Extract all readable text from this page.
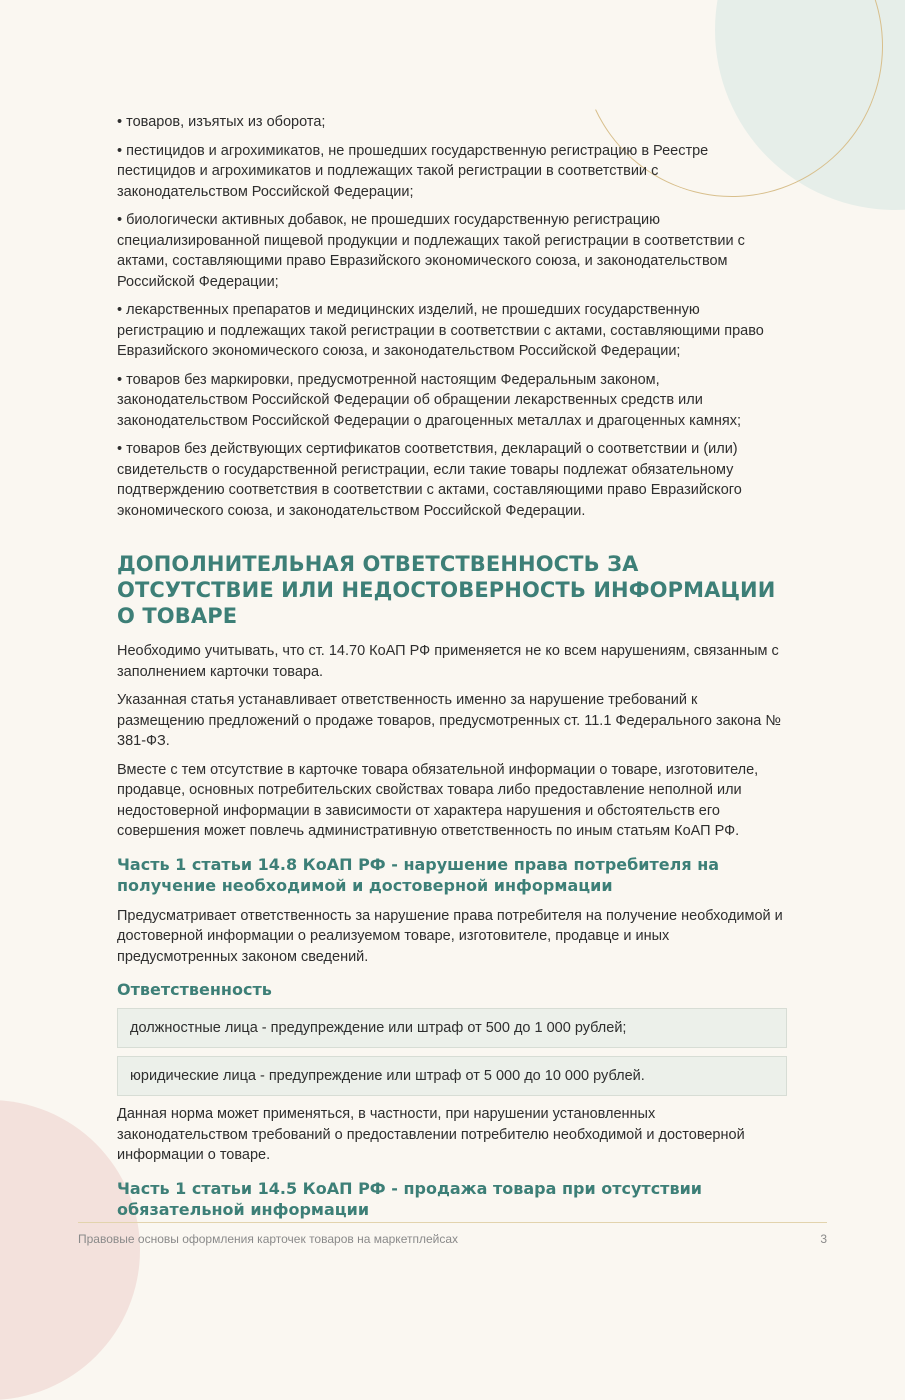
• товаров, изъятых из оборота;
• пестицидов и агрохимикатов, не прошедших государственную регистрацию в Реестре пестицидов и агрохимикатов и подлежащих такой регистрации в соответствии с законодательством Российской Федерации;
• биологически активных добавок, не прошедших государственную регистрацию специализированной пищевой продукции и подлежащих такой регистрации в соответствии с актами, составляющими право Евразийского экономического союза, и законодательством Российской Федерации;
• лекарственных препаратов и медицинских изделий, не прошедших государственную регистрацию и подлежащих такой регистрации в соответствии с актами, составляющими право Евразийского экономического союза, и законодательством Российской Федерации;
• товаров без маркировки, предусмотренной настоящим Федеральным законом, законодательством Российской Федерации об обращении лекарственных средств или законодательством Российской Федерации о драгоценных металлах и драгоценных камнях;
• товаров без действующих сертификатов соответствия, деклараций о соответствии и (или) свидетельств о государственной регистрации, если такие товары подлежат обязательному подтверждению соответствия в соответствии с актами, составляющими право Евразийского экономического союза, и законодательством Российской Федерации.
ДОПОЛНИТЕЛЬНАЯ ОТВЕТСТВЕННОСТЬ ЗА ОТСУТСТВИЕ ИЛИ НЕДОСТОВЕРНОСТЬ ИНФОРМАЦИИ О ТОВАРЕ
Необходимо учитывать, что ст. 14.70 КоАП РФ применяется не ко всем нарушениям, связанным с заполнением карточки товара.
Указанная статья устанавливает ответственность именно за нарушение требований к размещению предложений о продаже товаров, предусмотренных ст. 11.1 Федерального закона № 381-ФЗ.
Вместе с тем отсутствие в карточке товара обязательной информации о товаре, изготовителе, продавце, основных потребительских свойствах товара либо предоставление неполной или недостоверной информации в зависимости от характера нарушения и обстоятельств его совершения может повлечь административную ответственность по иным статьям КоАП РФ.
Часть 1 статьи 14.8 КоАП РФ - нарушение права потребителя на получение необходимой и достоверной информации
Предусматривает ответственность за нарушение права потребителя на получение необходимой и достоверной информации о реализуемом товаре, изготовителе, продавце и иных предусмотренных законом сведений.
Ответственность
должностные лица - предупреждение или штраф от 500 до 1 000 рублей;
юридические лица - предупреждение или штраф от 5 000 до 10 000 рублей.
Данная норма может применяться, в частности, при нарушении установленных законодательством требований о предоставлении потребителю необходимой и достоверной информации о товаре.
Часть 1 статьи 14.5 КоАП РФ - продажа товара при отсутствии обязательной информации
Правовые основы оформления карточек товаров на маркетплейсах	3
